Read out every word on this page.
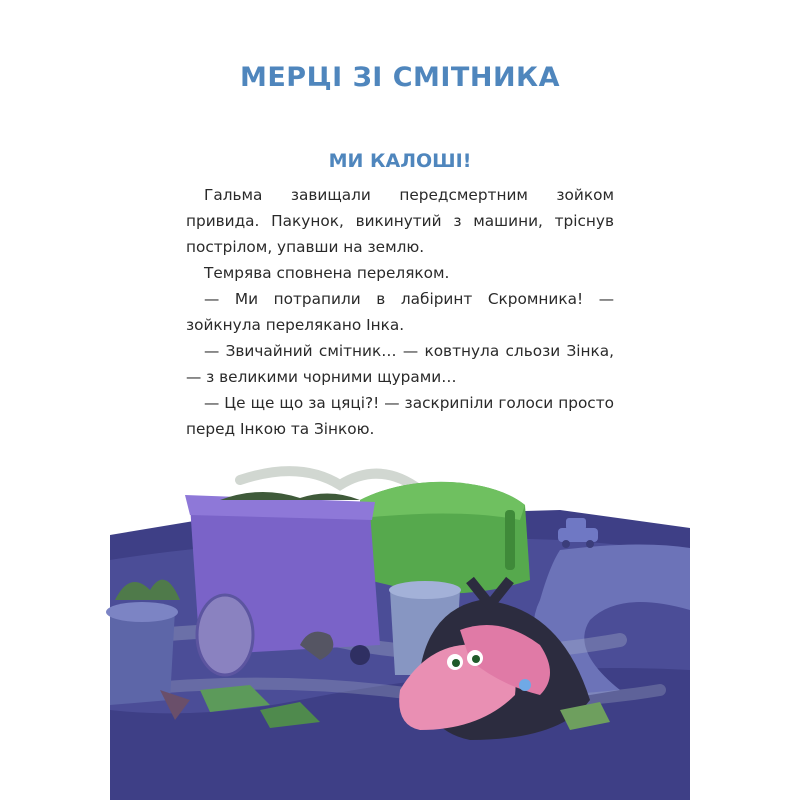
МЕРЦІ ЗІ СМІТНИКА
МИ КАЛОШІ!

Гальма завищали передсмертним зойком привида. Пакунок, викинутий з машини, тріснув пострілом, упавши на землю.

Темрява сповнена переляком.

— Ми потрапили в лабіринт Скромника! — зойкнула перелякано Інка.

— Звичайний смітник… — ковтнула сльози Зінка, — з великими чорними щурами…

— Це ще що за цяці?! — заскрипіли голоси просто перед Інкою та Зінкою.
